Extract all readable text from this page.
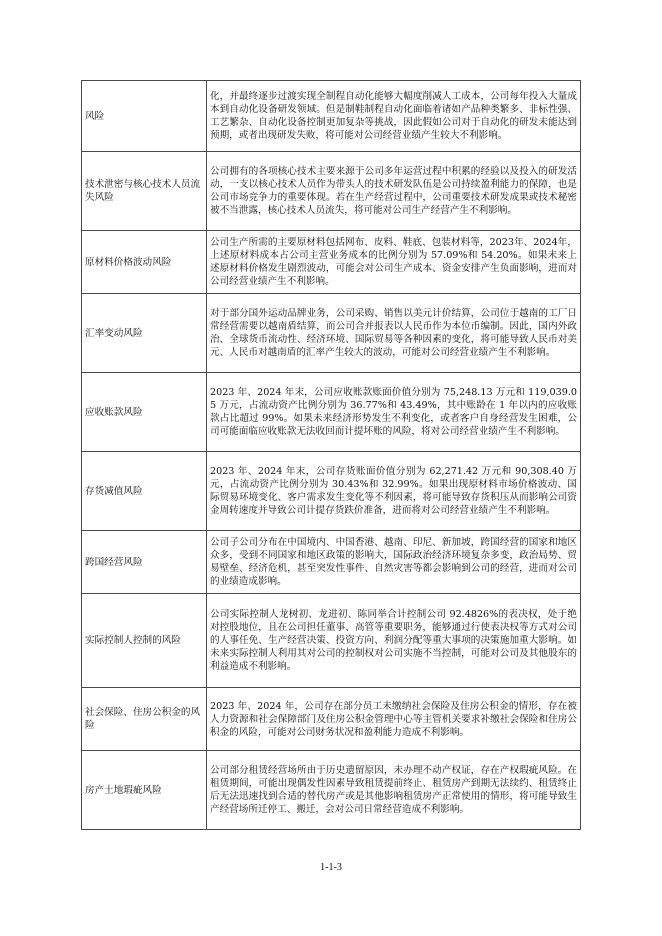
风险	化，并最终逐步过渡实现全制程自动化能够大幅度削减人工成本，公司每年投入大量成本到自动化设备研发领域。但是制鞋制程自动化面临着诸如产品种类繁多、非标性强、工艺繁杂、自动化设备控制更加复杂等挑战，因此假如公司对于自动化的研发未能达到预期，或者出现研发失败，将可能对公司经营业绩产生较大不利影响。
技术泄密与核心技术人员流失风险	公司拥有的各项核心技术主要来源于公司多年运营过程中积累的经验以及投入的研发活动，一支以核心技术人员作为带头人的技术研发队伍是公司持续盈利能力的保障，也是公司市场竞争力的重要体现。若在生产经营过程中，公司重要技术研发成果或技术秘密被不当泄露，核心技术人员流失，将可能对公司生产经营产生不利影响。
原材料价格波动风险	公司生产所需的主要原材料包括网布、皮料、鞋底、包装材料等，2023年、2024年，上述原材料成本占公司主营业务成本的比例分别为 57.09%和 54.20%。如果未来上述原材料价格发生剧烈波动，可能会对公司生产成本、资金安排产生负面影响，进而对公司经营业绩产生不利影响。
汇率变动风险	对于部分国外运动品牌业务，公司采购、销售以美元计价结算，公司位于越南的工厂日常经营需要以越南盾结算，而公司合并报表以人民币作为本位币编制。因此，国内外政治、全球货币流动性、经济环境、国际贸易等各种因素的变化，将可能导致人民币对美元、人民币对越南盾的汇率产生较大的波动，可能对公司经营业绩产生不利影响。
应收账款风险	2023 年、2024 年末，公司应收账款账面价值分别为 75,248.13 万元和 119,039.05 万元，占流动资产比例分别为 36.77%和 43.49%，其中账龄在 1 年以内的应收账款占比超过 99%。如果未来经济形势发生不利变化，或者客户自身经营发生困难，公司可能面临应收账款无法收回而计提坏账的风险，将对公司经营业绩产生不利影响。
存货减值风险	2023 年、2024 年末，公司存货账面价值分别为 62,271.42 万元和 90,308.40 万元，占流动资产比例分别为 30.43%和 32.99%。如果出现原材料市场价格波动、国际贸易环境变化、客户需求发生变化等不利因素，将可能导致存货积压从而影响公司资金周转速度并导致公司计提存货跌价准备，进而将对公司经营业绩产生不利影响。
跨国经营风险	公司子公司分布在中国境内、中国香港、越南、印尼、新加坡，跨国经营的国家和地区众多，受到不同国家和地区政策的影响大，国际政治经济环境复杂多变，政治局势、贸易壁垒、经济危机，甚至突发性事件、自然灾害等都会影响到公司的经营，进而对公司的业绩造成影响。
实际控制人控制的风险	公司实际控制人龙树初、龙进初、陈同举合计控制公司 92.4826%的表决权，处于绝对控股地位，且在公司担任董事、高管等重要职务，能够通过行使表决权等方式对公司的人事任免、生产经营决策、投资方向、利润分配等重大事项的决策施加重大影响。如未来实际控制人利用其对公司的控制权对公司实施不当控制，可能对公司及其他股东的利益造成不利影响。
社会保险、住房公积金的风险	2023 年、2024 年，公司存在部分员工未缴纳社会保险及住房公积金的情形，存在被人力资源和社会保障部门及住房公积金管理中心等主管机关要求补缴社会保险和住房公积金的风险，可能对公司财务状况和盈利能力造成不利影响。
房产土地瑕疵风险	公司部分租赁经营场所由于历史遗留原因，未办理不动产权证，存在产权瑕疵风险。在租赁期间，可能出现偶发性因素导致租赁提前终止、租赁房产到期无法续约、租赁终止后无法迅速找到合适的替代房产或是其他影响租赁房产正常使用的情形，将可能导致生产经营场所迁停工、搬迁，会对公司日常经营造成不利影响。
1-1-3
